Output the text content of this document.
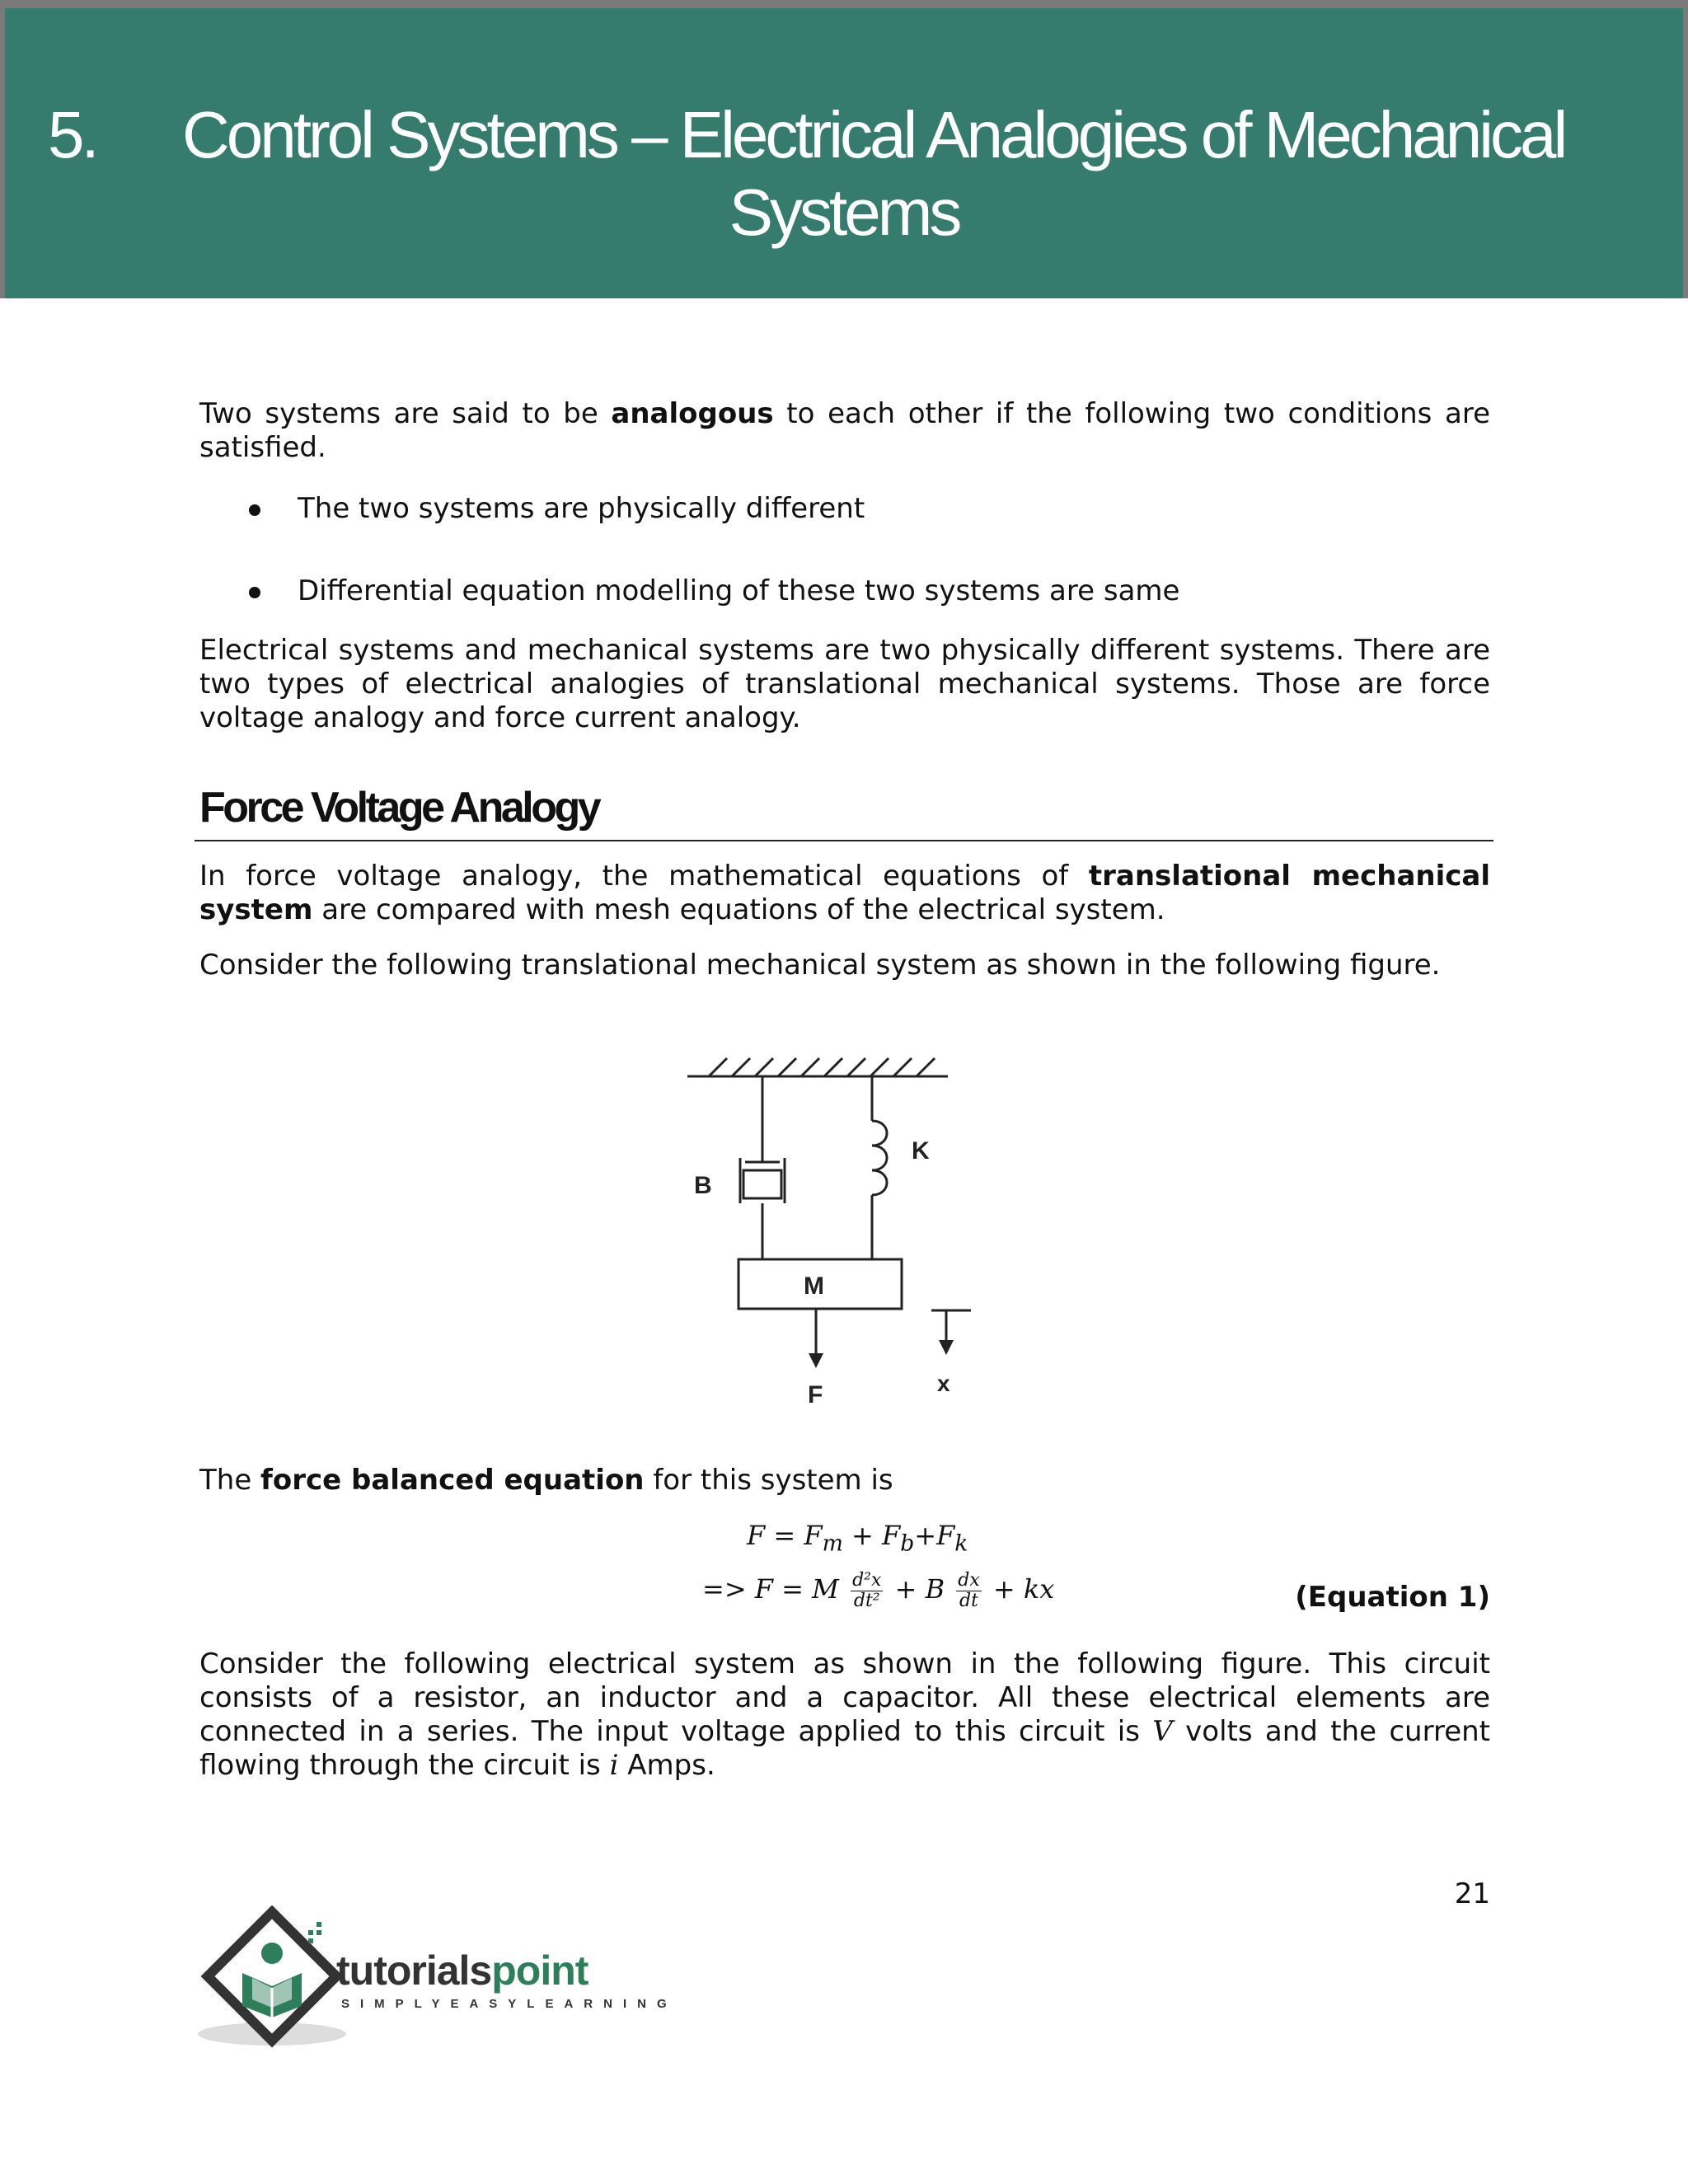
5. Control Systems – Electrical Analogies of Mechanical
Systems
Two systems are said to be analogous to each other if the following two conditions are satisfied.
The two systems are physically different
Differential equation modelling of these two systems are same
Electrical systems and mechanical systems are two physically different systems. There are two types of electrical analogies of translational mechanical systems. Those are force voltage analogy and force current analogy.
Force Voltage Analogy
In force voltage analogy, the mathematical equations of translational mechanical system are compared with mesh equations of the electrical system.
Consider the following translational mechanical system as shown in the following figure.
B
K
M
F	x
The force balanced equation for this system is
$F = F_m + F_b+F_k$
=> F = M $\frac{\text{d²x}}{\text{dt²}} + B \frac{dx}{dt}$ + kx	(Equation 1)
Consider the following electrical system as shown in the following figure. This circuit consists of a resistor, an inductor and a capacitor. All these electrical elements are connected in a series. The input voltage applied to this circuit is V volts and the current flowing through the circuit is i Amps.
21
tutorialspoint
SIMPLYEASYLEARNING
